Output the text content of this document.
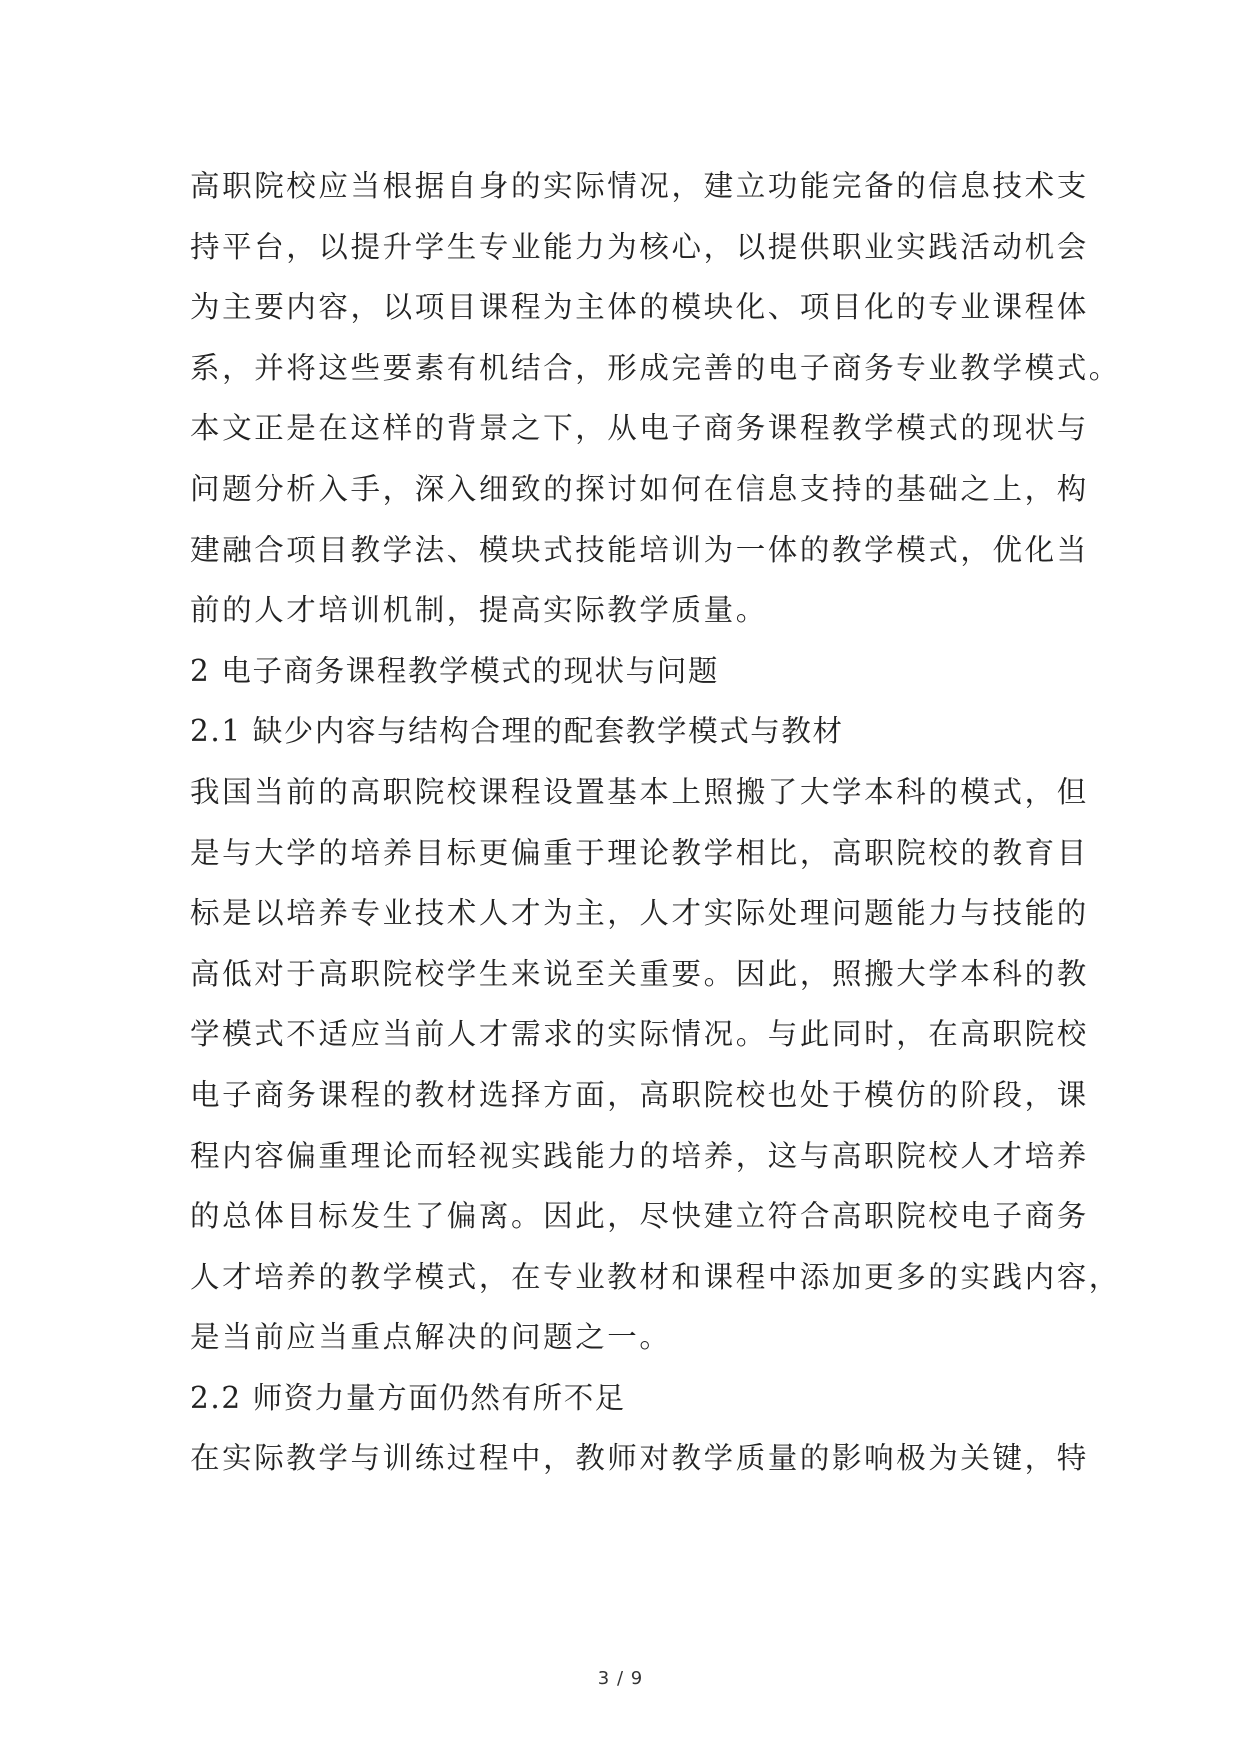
高职院校应当根据自身的实际情况，建立功能完备的信息技术支
持平台，以提升学生专业能力为核心，以提供职业实践活动机会
为主要内容，以项目课程为主体的模块化、项目化的专业课程体
系，并将这些要素有机结合，形成完善的电子商务专业教学模式。
本文正是在这样的背景之下，从电子商务课程教学模式的现状与
问题分析入手，深入细致的探讨如何在信息支持的基础之上，构
建融合项目教学法、模块式技能培训为一体的教学模式，优化当
前的人才培训机制，提高实际教学质量。
2 电子商务课程教学模式的现状与问题
2.1 缺少内容与结构合理的配套教学模式与教材
我国当前的高职院校课程设置基本上照搬了大学本科的模式，但
是与大学的培养目标更偏重于理论教学相比，高职院校的教育目
标是以培养专业技术人才为主，人才实际处理问题能力与技能的
高低对于高职院校学生来说至关重要。因此，照搬大学本科的教
学模式不适应当前人才需求的实际情况。与此同时，在高职院校
电子商务课程的教材选择方面，高职院校也处于模仿的阶段，课
程内容偏重理论而轻视实践能力的培养，这与高职院校人才培养
的总体目标发生了偏离。因此，尽快建立符合高职院校电子商务
人才培养的教学模式，在专业教材和课程中添加更多的实践内容，
是当前应当重点解决的问题之一。
2.2 师资力量方面仍然有所不足
在实际教学与训练过程中，教师对教学质量的影响极为关键，特
3 / 9
